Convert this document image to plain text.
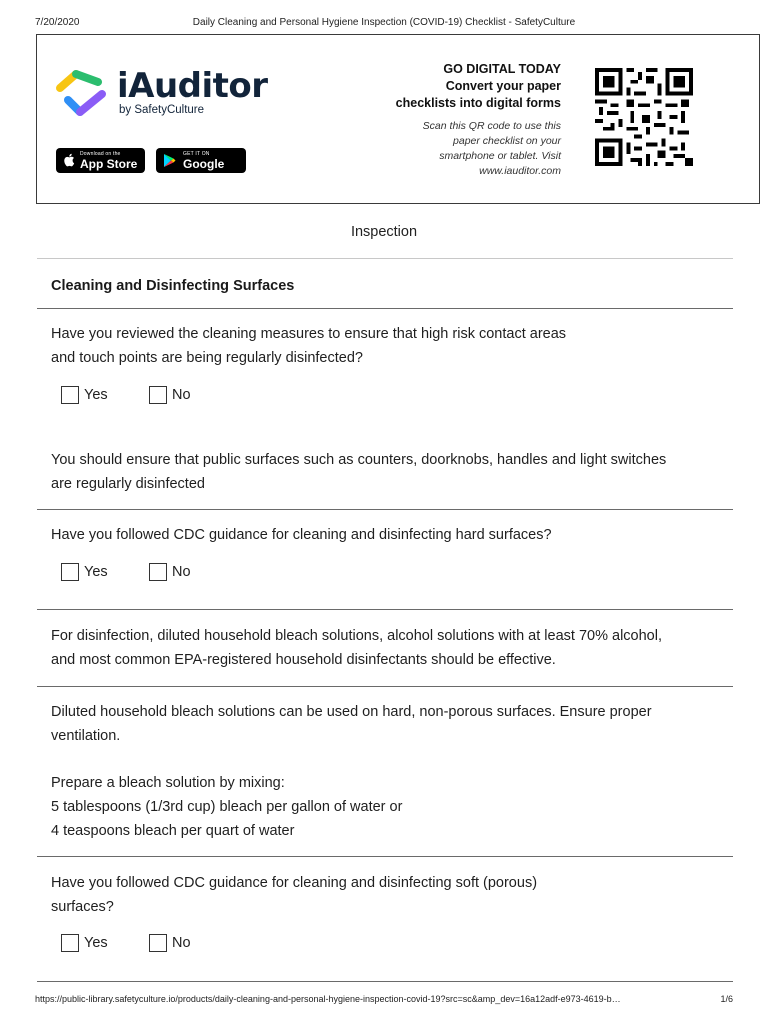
7/20/2020	Daily Cleaning and Personal Hygiene Inspection (COVID-19) Checklist - SafetyCulture
iAuditor
by SafetyCulture
Download on the
App Store
GET IT ON
Google Play
GO DIGITAL TODAY
Convert your paper
checklists into digital forms
Scan this QR code to use this
paper checklist on your
smartphone or tablet. Visit
www.iauditor.com
Inspection
Cleaning and Disinfecting Surfaces
Have you reviewed the cleaning measures to ensure that high risk contact areas
and touch points are being regularly disinfected?
Yes	No
You should ensure that public surfaces such as counters, doorknobs, handles and light switches
are regularly disinfected
Have you followed CDC guidance for cleaning and disinfecting hard surfaces?
Yes	No
For disinfection, diluted household bleach solutions, alcohol solutions with at least 70% alcohol,
and most common EPA-registered household disinfectants should be effective.
Diluted household bleach solutions can be used on hard, non-porous surfaces. Ensure proper
ventilation.
Prepare a bleach solution by mixing:
5 tablespoons (1/3rd cup) bleach per gallon of water or
4 teaspoons bleach per quart of water
Have you followed CDC guidance for cleaning and disinfecting soft (porous)
surfaces?
Yes	No
https://public-library.safetyculture.io/products/daily-cleaning-and-personal-hygiene-inspection-covid-19?src=sc&amp_dev=16a12adf-e973-4619-b…	1/6
